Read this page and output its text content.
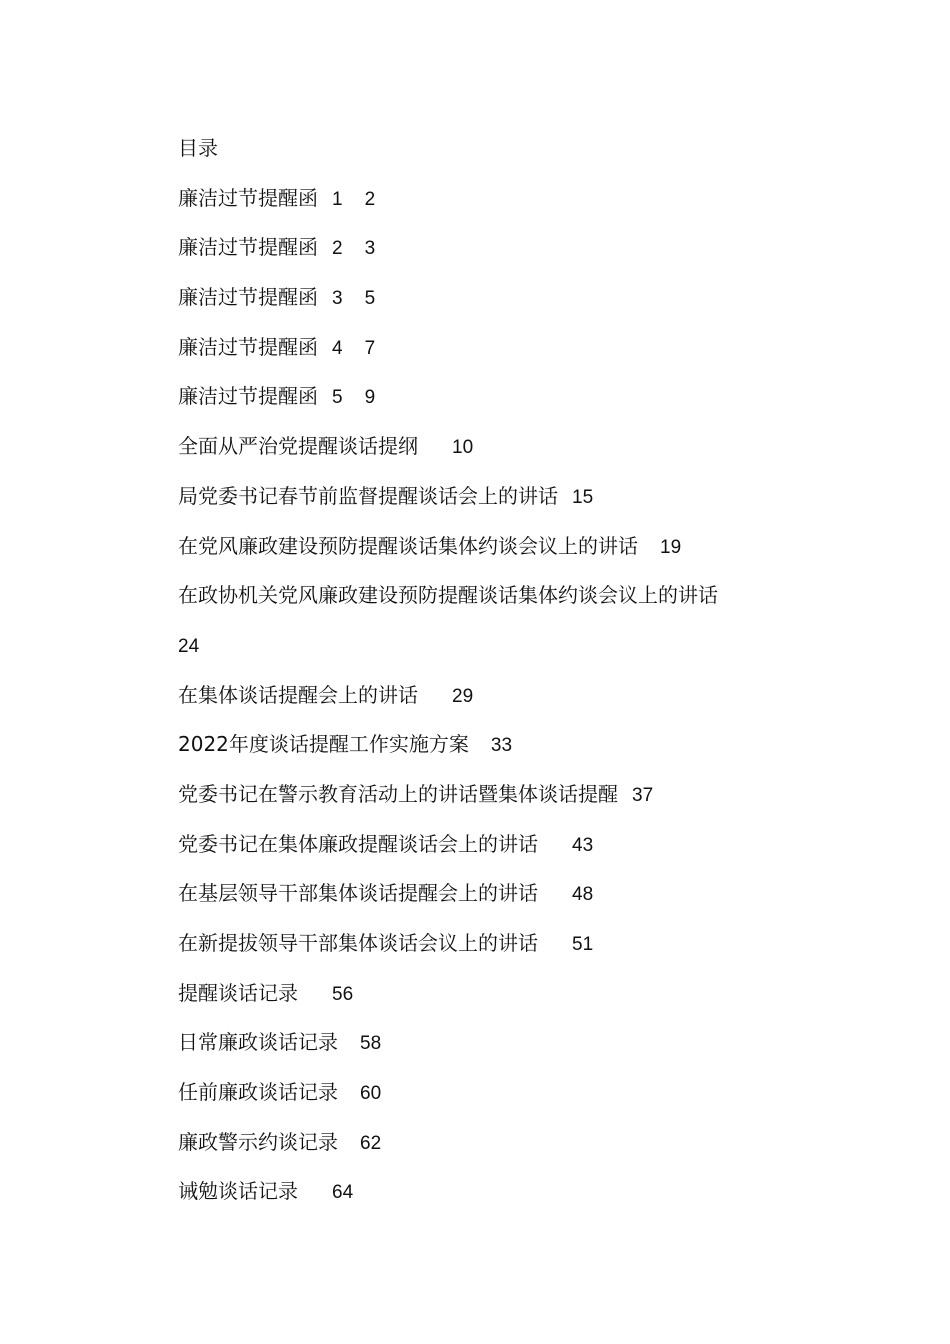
目录
廉洁过节提醒函 1 2
廉洁过节提醒函 2 3
廉洁过节提醒函 3 5
廉洁过节提醒函 4 7
廉洁过节提醒函 5 9
全面从严治党提醒谈话提纲 10
局党委书记春节前监督提醒谈话会上的讲话 15
在党风廉政建设预防提醒谈话集体约谈会议上的讲话 19
在政协机关党风廉政建设预防提醒谈话集体约谈会议上的讲话
24
在集体谈话提醒会上的讲话 29
2022年度谈话提醒工作实施方案 33
党委书记在警示教育活动上的讲话暨集体谈话提醒 37
党委书记在集体廉政提醒谈话会上的讲话 43
在基层领导干部集体谈话提醒会上的讲话 48
在新提拔领导干部集体谈话会议上的讲话 51
提醒谈话记录 56
日常廉政谈话记录 58
任前廉政谈话记录 60
廉政警示约谈记录 62
诫勉谈话记录 64
